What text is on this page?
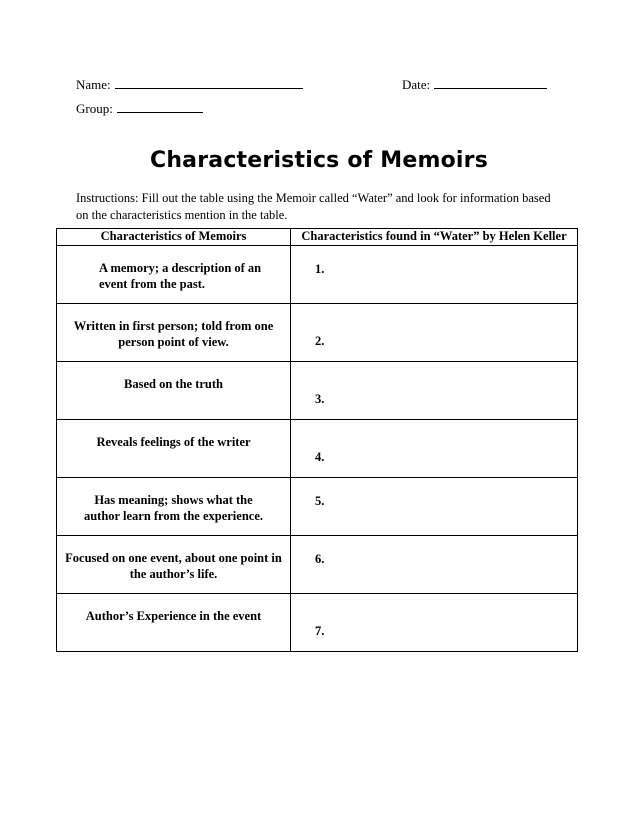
Name:	Date:
Group:
Characteristics of Memoirs
Instructions: Fill out the table using the Memoir called “Water” and look for information based on the characteristics mention in the table.
Characteristics of Memoirs	Characteristics found in “Water” by Helen Keller

A memory; a description of an event from the past.	1.

Written in first person; told from one person point of view.	2.

Based on the truth	3.

Reveals feelings of the writer	4.

Has meaning; shows what the author learn from the experience.	5.

Focused on one event, about one point in the author’s life.	6.

Author’s Experience in the event	7.
